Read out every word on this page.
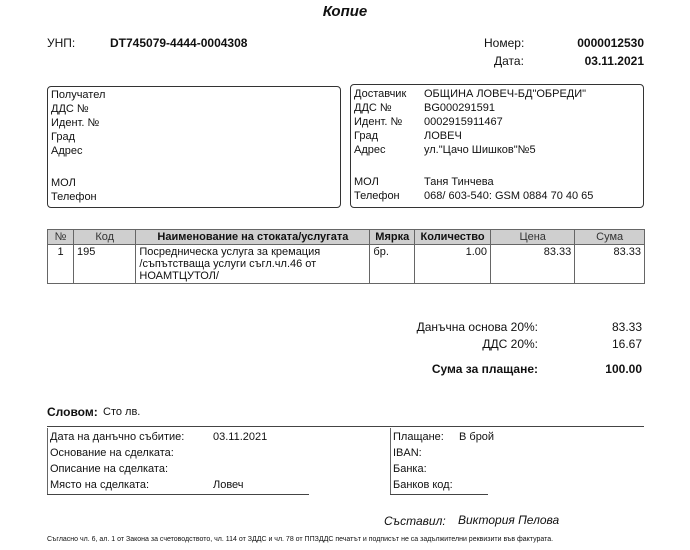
Копие
УНП:	DT745079-4444-0004308	Номер:	0000012530
Дата:	03.11.2021
Получател
ДДС №
Идент. №
Град
Адрес
МОЛ
Телефон
Доставчик ОБЩИНА ЛОВЕЧ-БД"ОБРЕДИ"
ДДС №	BG000291591
Идент. № 0002915911467
Град	ЛОВЕЧ
Адрес	ул."Цачо Шишков"№5
МОЛ	Таня Тинчева
Телефон 068/ 603-540: GSM 0884 70 40 65
№	Код	Наименование на стоката/услугата	Мярка	Количество	Цена	Сума
1	195	Посредническа услуга за кремация
/съпътстваща услуги съгл.чл.46 от
НОАМТЦУТОЛ/	бр.	1.00	83.33	83.33
Данъчна основа 20%:	83.33
ДДС 20%:	16.67
Сума за плащане:	100.00
Словом: Сто лв.
Дата на данъчно събитие:	03.11.2021
Основание на сделката:
Описание на сделката:
Място на сделката:	Ловеч
Плащане: В брой
IBAN:
Банка:
Банков код:
Съставил: Виктория Пелова
Съгласно чл. 6, ал. 1 от Закона за счетоводството, чл. 114 от ЗДДС и чл. 78 от ППЗДДС печатът и подписът не са задължителни реквизити във фактурата.
